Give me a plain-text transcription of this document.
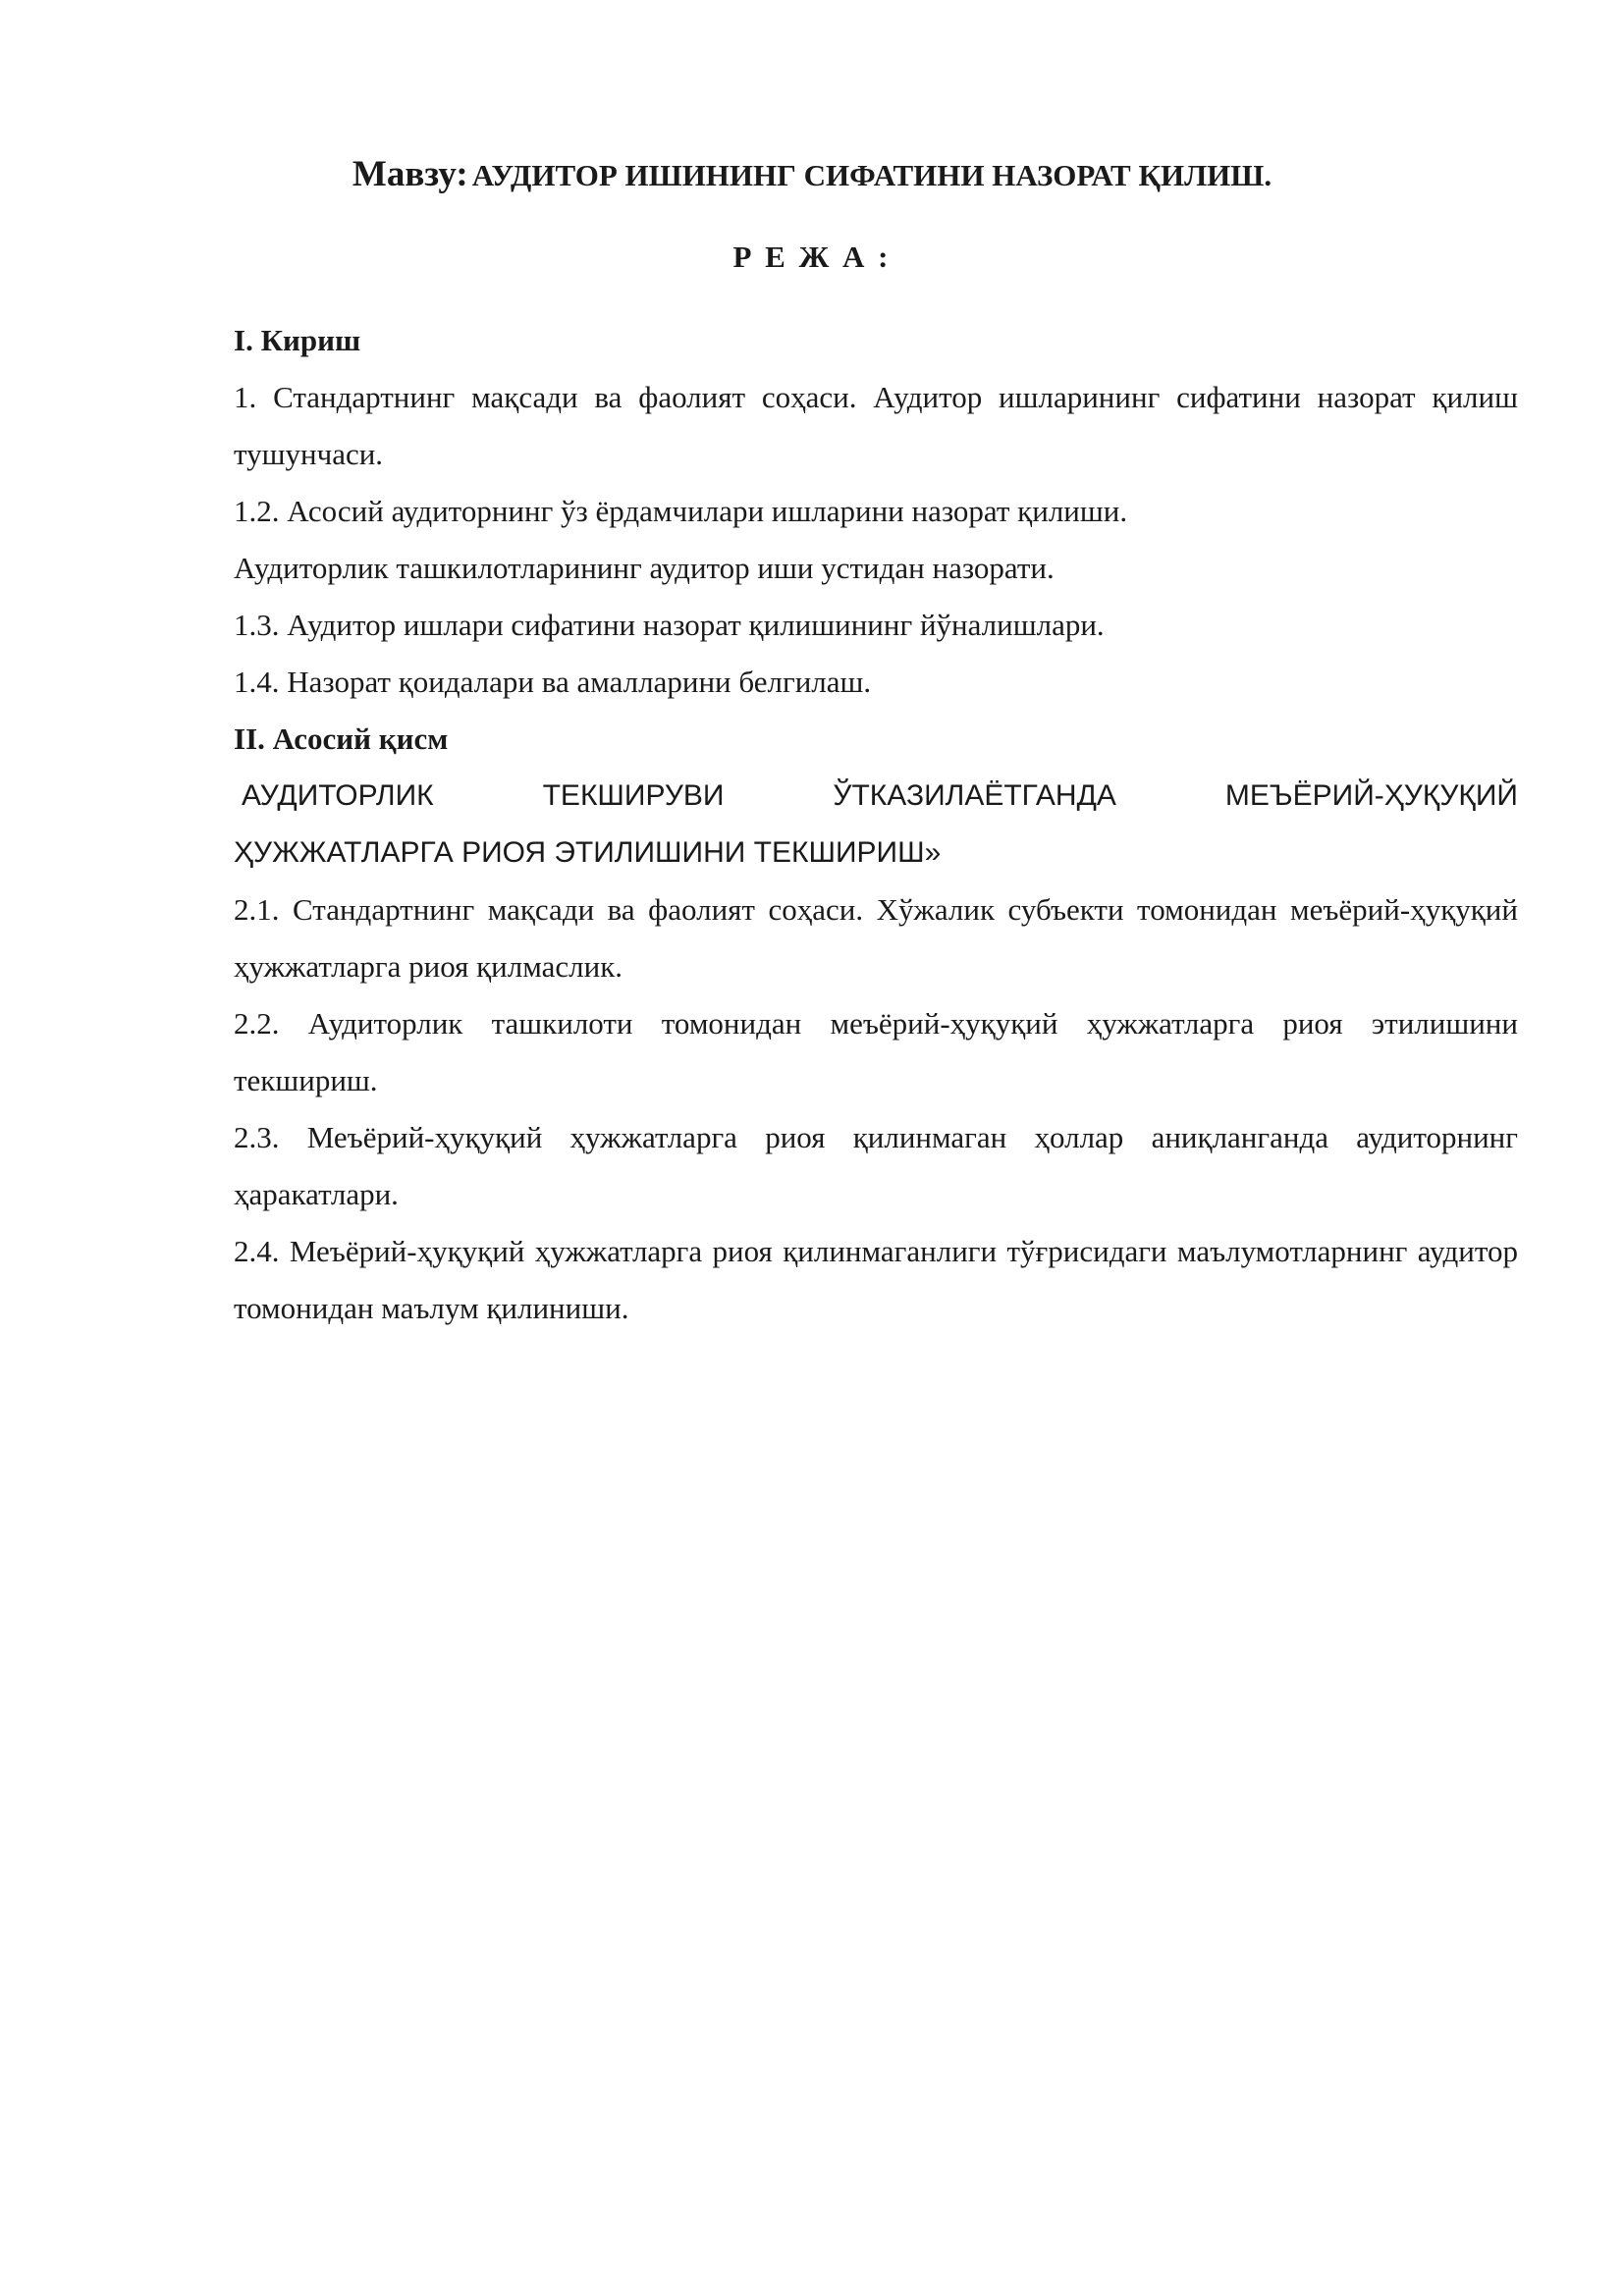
Мавзу: АУДИТОР ИШИНИНГ СИФАТИНИ НАЗОРАТ ҚИЛИШ.
Р Е Ж А :

I. Кириш

1. Стандартнинг мақсади ва фаолият соҳаси. Аудитор ишларининг сифатини назорат қилиш тушунчаси.

1.2. Асосий аудиторнинг ўз ёрдамчилари ишларини назорат қилиши.

Аудиторлик ташкилотларининг аудитор иши устидан назорати.

1.3. Аудитор ишлари сифатини назорат қилишининг йўналишлари.

1.4. Назорат қоидалари ва амалларини белгилаш.

II. Асосий қисм

АУДИТОРЛИК ТЕКШИРУВИ ЎТКАЗИЛАЁТГАНДА МЕЪЁРИЙ-ҲУҚУҚИЙ

ҲУЖЖАТЛАРГА РИОЯ ЭТИЛИШИНИ ТЕКШИРИШ»

2.1. Стандартнинг мақсади ва фаолият соҳаси. Хўжалик субъекти томонидан меъёрий-ҳуқуқий ҳужжатларга риоя қилмаслик.

2.2. Аудиторлик ташкилоти томонидан меъёрий-ҳуқуқий ҳужжатларга риоя этилишини текшириш.

2.3. Меъёрий-ҳуқуқий ҳужжатларга риоя қилинмаган ҳоллар аниқланганда аудиторнинг ҳаракатлари.

2.4. Меъёрий-ҳуқуқий ҳужжатларга риоя қилинмаганлиги тўғрисидаги маълумотларнинг аудитор томонидан маълум қилиниши.
